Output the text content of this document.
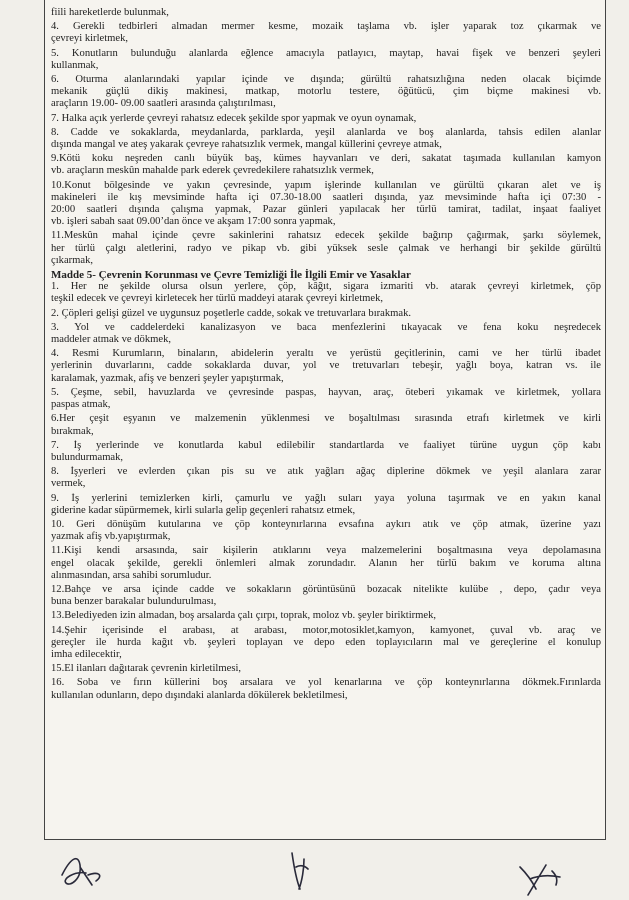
fiili hareketlerde bulunmak,
4. Gerekli tedbirleri almadan mermer kesme, mozaik taşlama vb. işler yaparak toz çıkarmak ve
çevreyi kirletmek,
5. Konutların bulunduğu alanlarda eğlence amacıyla patlayıcı, maytap, havai fişek ve benzeri şeyleri
kullanmak,
6. Oturma alanlarındaki yapılar içinde ve dışında; gürültü rahatsızlığına neden olacak biçimde
mekanik güçlü dikiş makinesi, matkap, motorlu testere, öğütücü, çim biçme makinesi vb.
araçların 19.00- 09.00 saatleri arasında çalıştırılması,
7. Halka açık yerlerde çevreyi rahatsız edecek şekilde spor yapmak ve oyun oynamak,
8. Cadde ve sokaklarda, meydanlarda, parklarda, yeşil alanlarda ve boş alanlarda, tahsis edilen alanlar
dışında mangal ve ateş yakarak çevreye rahatsızlık vermek, mangal küllerini çevreye atmak,
9.Kötü koku neşreden canlı büyük baş, kümes hayvanları ve deri, sakatat taşımada kullanılan kamyon
vb. araçların meskûn mahalde park ederek çevredekilere rahatsızlık vermek,
10.Konut bölgesinde ve yakın çevresinde, yapım işlerinde kullanılan ve gürültü çıkaran alet ve iş
makineleri ile kış mevsiminde hafta içi 07.30-18.00 saatleri dışında, yaz mevsiminde hafta içi 07:30 -
20:00 saatleri dışında çalışma yapmak, Pazar günleri yapılacak her türlü tamirat, tadilat, inşaat faaliyet
vb. işleri sabah saat 09.00’dan önce ve akşam 17:00 sonra yapmak,
11.Meskûn mahal içinde çevre sakinlerini rahatsız edecek şekilde bağırıp çağırmak, şarkı söylemek,
her türlü çalgı aletlerini, radyo ve pikap vb. gibi yüksek sesle çalmak ve herhangi bir şekilde gürültü
çıkarmak,
Madde 5- Çevrenin Korunması ve Çevre Temizliği İle İlgili Emir ve Yasaklar
1. Her ne şekilde olursa olsun yerlere, çöp, kâğıt, sigara izmariti vb. atarak çevreyi kirletmek, çöp
teşkil edecek ve çevreyi kirletecek her türlü maddeyi atarak çevreyi kirletmek,
2. Çöpleri gelişi güzel ve uygunsuz poşetlerle cadde, sokak ve tretuvarlara bırakmak.
3. Yol ve caddelerdeki kanalizasyon ve baca menfezlerini tıkayacak ve fena koku neşredecek
maddeler atmak ve dökmek,
4. Resmi Kurumların, binaların, abidelerin yeraltı ve yerüstü geçitlerinin, cami ve her türlü ibadet
yerlerinin duvarlarını, cadde sokaklarda duvar, yol ve tretuvarları tebeşir, yağlı boya, katran vs. ile
karalamak, yazmak, afiş ve benzeri şeyler yapıştırmak,
5. Çeşme, sebil, havuzlarda ve çevresinde paspas, hayvan, araç, öteberi yıkamak ve kirletmek, yollara
paspas atmak,
6.Her çeşit eşyanın ve malzemenin yüklenmesi ve boşaltılması sırasında etrafı kirletmek ve kirli
bırakmak,
7. İş yerlerinde ve konutlarda kabul edilebilir standartlarda ve faaliyet türüne uygun çöp kabı
bulundurmamak,
8. İşyerleri ve evlerden çıkan pis su ve atık yağları ağaç diplerine dökmek ve yeşil alanlara zarar
vermek,
9. İş yerlerini temizlerken kirli, çamurlu ve yağlı suları yaya yoluna taşırmak ve en yakın kanal
giderine kadar süpürmemek, kirli sularla gelip geçenleri rahatsız etmek,
10. Geri dönüşüm kutularına ve çöp konteynırlarına evsafına aykırı atık ve çöp atmak, üzerine yazı
yazmak afiş vb.yapıştırmak,
11.Kişi kendi arsasında, sair kişilerin atıklarını veya malzemelerini boşaltmasına veya depolamasına
engel olacak şekilde, gerekli önlemleri almak zorundadır. Alanın her türlü bakım ve koruma altına
alınmasından, arsa sahibi sorumludur.
12.Bahçe ve arsa içinde cadde ve sokakların görüntüsünü bozacak nitelikte kulübe , depo, çadır veya
buna benzer barakalar bulundurulması,
13.Belediyeden izin almadan, boş arsalarda çalı çırpı, toprak, moloz vb. şeyler biriktirmek,
14.Şehir içerisinde el arabası, at arabası, motor,motosiklet,kamyon, kamyonet, çuval vb. araç ve
gereçler ile hurda kağıt vb. şeyleri toplayan ve depo eden toplayıcıların mal ve gereçlerine el konulup
imha edilecektir,
15.El ilanları dağıtarak çevrenin kirletilmesi,
16. Soba ve fırın küllerini boş arsalara ve yol kenarlarına ve çöp konteynırlarına dökmek.Fırınlarda
kullanılan odunların, depo dışındaki alanlarda dökülerek bekletilmesi,
